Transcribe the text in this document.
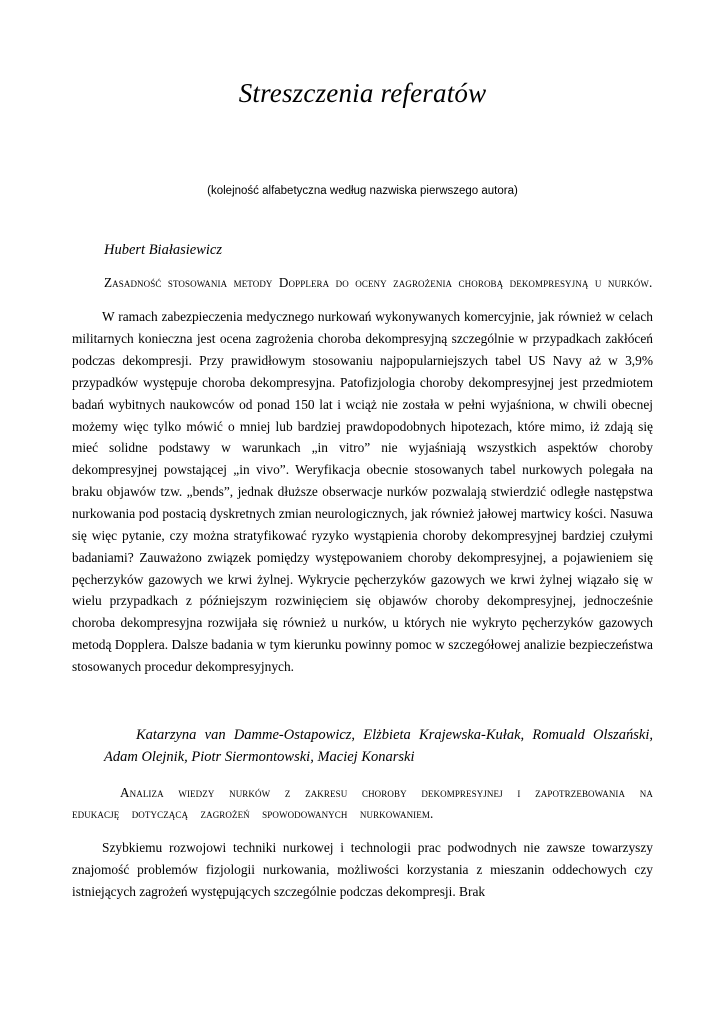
Streszczenia referatów

(kolejność alfabetyczna według nazwiska pierwszego autora)

Hubert Białasiewicz

Zasadność stosowania metody Dopplera do oceny zagrożenia chorobą dekompresyjną u nurków.

W ramach zabezpieczenia medycznego nurkowań wykonywanych komercyjnie, jak również w celach militarnych konieczna jest ocena zagrożenia choroba dekompresyjną szczególnie w przypadkach zakłóceń podczas dekompresji. Przy prawidłowym stosowaniu najpopularniejszych tabel US Navy aż w 3,9% przypadków występuje choroba dekompresyjna. Patofizjologia choroby dekompresyjnej jest przedmiotem badań wybitnych naukowców od ponad 150 lat i wciąż nie została w pełni wyjaśniona, w chwili obecnej możemy więc tylko mówić o mniej lub bardziej prawdopodobnych hipotezach, które mimo, iż zdają się mieć solidne podstawy w warunkach „in vitro” nie wyjaśniają wszystkich aspektów choroby dekompresyjnej powstającej „in vivo”. Weryfikacja obecnie stosowanych tabel nurkowych polegała na braku objawów tzw. „bends”, jednak dłuższe obserwacje nurków pozwalają stwierdzić odległe następstwa nurkowania pod postacią dyskretnych zmian neurologicznych, jak również jałowej martwicy kości. Nasuwa się więc pytanie, czy można stratyfikować ryzyko wystąpienia choroby dekompresyjnej bardziej czułymi badaniami? Zauważono związek pomiędzy występowaniem choroby dekompresyjnej, a pojawieniem się pęcherzyków gazowych we krwi żylnej. Wykrycie pęcherzyków gazowych we krwi żylnej wiązało się w wielu przypadkach z późniejszym rozwinięciem się objawów choroby dekompresyjnej, jednocześnie choroba dekompresyjna rozwijała się również u nurków, u których nie wykryto pęcherzyków gazowych metodą Dopplera. Dalsze badania w tym kierunku powinny pomoc w szczegółowej analizie bezpieczeństwa stosowanych procedur dekompresyjnych.

Katarzyna van Damme-Ostapowicz, Elżbieta Krajewska-Kułak, Romuald Olszański, Adam Olejnik, Piotr Siermontowski, Maciej Konarski

Analiza wiedzy nurków z zakresu choroby dekompresyjnej i zapotrzebowania na edukację dotyczącą zagrożeń spowodowanych nurkowaniem.

Szybkiemu rozwojowi techniki nurkowej i technologii prac podwodnych nie zawsze towarzyszy znajomość problemów fizjologii nurkowania, możliwości korzystania z mieszanin oddechowych czy istniejących zagrożeń występujących szczególnie podczas dekompresji. Brak
